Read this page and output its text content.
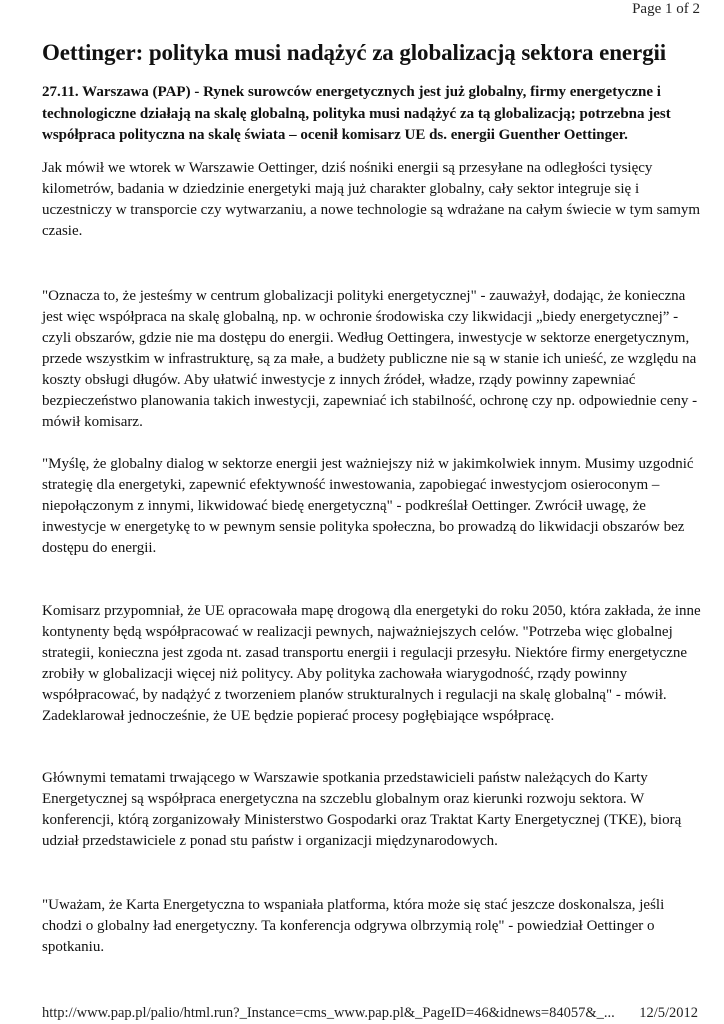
Page 1 of 2
Oettinger: polityka musi nadążyć za globalizacją sektora energii

27.11. Warszawa (PAP) - Rynek surowców energetycznych jest już globalny, firmy energetyczne i technologiczne działają na skalę globalną, polityka musi nadążyć za tą globalizacją; potrzebna jest współpraca polityczna na skalę świata – ocenił komisarz UE ds. energii Guenther Oettinger.

Jak mówił we wtorek w Warszawie Oettinger, dziś nośniki energii są przesyłane na odległości tysięcy kilometrów, badania w dziedzinie energetyki mają już charakter globalny, cały sektor integruje się i uczestniczy w transporcie czy wytwarzaniu, a nowe technologie są wdrażane na całym świecie w tym samym czasie.

"Oznacza to, że jesteśmy w centrum globalizacji polityki energetycznej" - zauważył, dodając, że konieczna jest więc współpraca na skalę globalną, np. w ochronie środowiska czy likwidacji „biedy energetycznej” - czyli obszarów, gdzie nie ma dostępu do energii. Według Oettingera, inwestycje w sektorze energetycznym, przede wszystkim w infrastrukturę, są za małe, a budżety publiczne nie są w stanie ich unieść, ze względu na koszty obsługi długów. Aby ułatwić inwestycje z innych źródeł, władze, rządy powinny zapewniać bezpieczeństwo planowania takich inwestycji, zapewniać ich stabilność, ochronę czy np. odpowiednie ceny - mówił komisarz.

"Myślę, że globalny dialog w sektorze energii jest ważniejszy niż w jakimkolwiek innym. Musimy uzgodnić strategię dla energetyki, zapewnić efektywność inwestowania, zapobiegać inwestycjom osieroconym – niepołączonym z innymi, likwidować biedę energetyczną" - podkreślał Oettinger. Zwrócił uwagę, że inwestycje w energetykę to w pewnym sensie polityka społeczna, bo prowadzą do likwidacji obszarów bez dostępu do energii.

Komisarz przypomniał, że UE opracowała mapę drogową dla energetyki do roku 2050, która zakłada, że inne kontynenty będą współpracować w realizacji pewnych, najważniejszych celów. "Potrzeba więc globalnej strategii, konieczna jest zgoda nt. zasad transportu energii i regulacji przesyłu. Niektóre firmy energetyczne zrobiły w globalizacji więcej niż politycy. Aby polityka zachowała wiarygodność, rządy powinny współpracować, by nadążyć z tworzeniem planów strukturalnych i regulacji na skalę globalną" - mówił. Zadeklarował jednocześnie, że UE będzie popierać procesy pogłębiające współpracę.

Głównymi tematami trwającego w Warszawie spotkania przedstawicieli państw należących do Karty Energetycznej są współpraca energetyczna na szczeblu globalnym oraz kierunki rozwoju sektora. W konferencji, którą zorganizowały Ministerstwo Gospodarki oraz Traktat Karty Energetycznej (TKE), biorą udział przedstawiciele z ponad stu państw i organizacji międzynarodowych.

"Uważam, że Karta Energetyczna to wspaniała platforma, która może się stać jeszcze doskonalsza, jeśli chodzi o globalny ład energetyczny. Ta konferencja odgrywa olbrzymią rolę" - powiedział Oettinger o spotkaniu.

http://www.pap.pl/palio/html.run?_Instance=cms_www.pap.pl&_PageID=46&idnews=84057&_... 12/5/2012
